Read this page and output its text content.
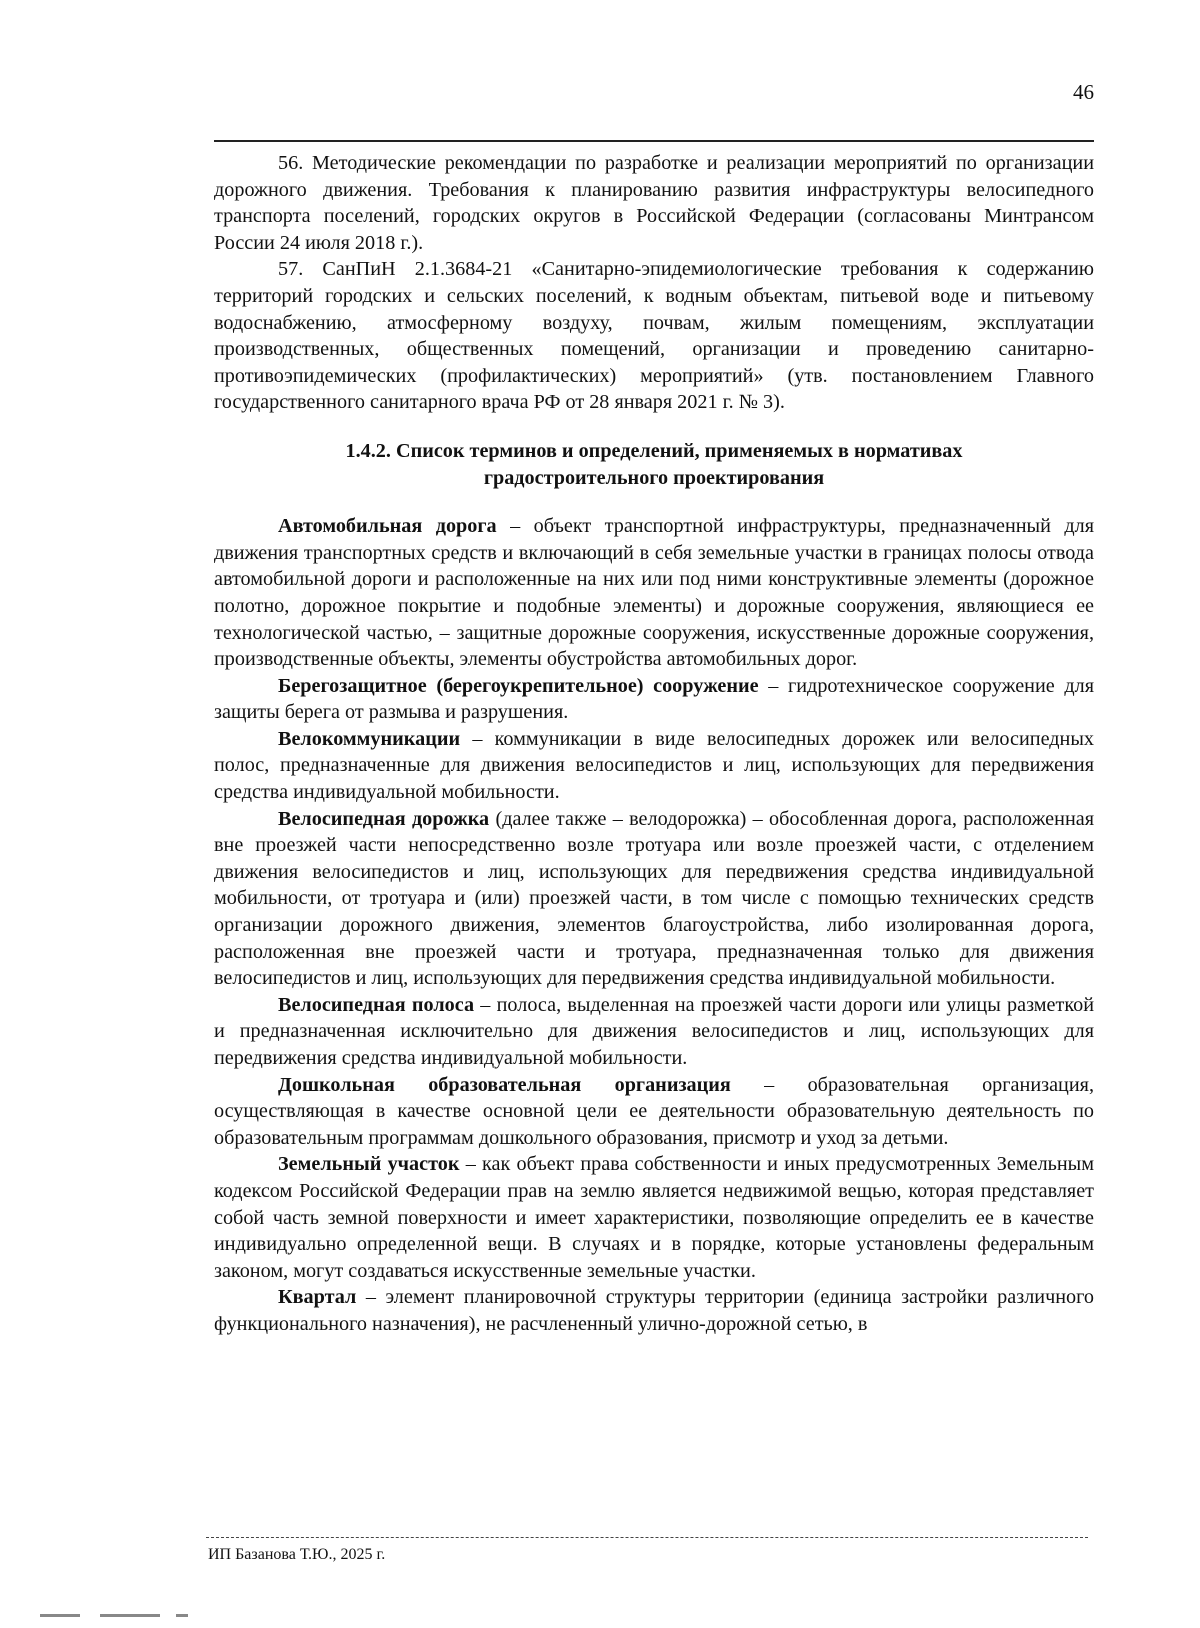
46

56. Методические рекомендации по разработке и реализации мероприятий по организации дорожного движения. Требования к планированию развития инфраструктуры велосипедного транспорта поселений, городских округов в Российской Федерации (согласованы Минтрансом России 24 июля 2018 г.).

57. СанПиН 2.1.3684-21 «Санитарно-эпидемиологические требования к содержанию территорий городских и сельских поселений, к водным объектам, питьевой воде и питьевому водоснабжению, атмосферному воздуху, почвам, жилым помещениям, эксплуатации производственных, общественных помещений, организации и проведению санитарно-противоэпидемических (профилактических) мероприятий» (утв. постановлением Главного государственного санитарного врача РФ от 28 января 2021 г. № 3).

1.4.2. Список терминов и определений, применяемых в нормативах
градостроительного проектирования

Автомобильная дорога – объект транспортной инфраструктуры, предназначенный для движения транспортных средств и включающий в себя земельные участки в границах полосы отвода автомобильной дороги и расположенные на них или под ними конструктивные элементы (дорожное полотно, дорожное покрытие и подобные элементы) и дорожные сооружения, являющиеся ее технологической частью, – защитные дорожные сооружения, искусственные дорожные сооружения, производственные объекты, элементы обустройства автомобильных дорог.

Берегозащитное (берегоукрепительное) сооружение – гидротехническое сооружение для защиты берега от размыва и разрушения.

Велокоммуникации – коммуникации в виде велосипедных дорожек или велосипедных полос, предназначенные для движения велосипедистов и лиц, использующих для передвижения средства индивидуальной мобильности.

Велосипедная дорожка (далее также – велодорожка) – обособленная дорога, расположенная вне проезжей части непосредственно возле тротуара или возле проезжей части, с отделением движения велосипедистов и лиц, использующих для передвижения средства индивидуальной мобильности, от тротуара и (или) проезжей части, в том числе с помощью технических средств организации дорожного движения, элементов благоустройства, либо изолированная дорога, расположенная вне проезжей части и тротуара, предназначенная только для движения велосипедистов и лиц, использующих для передвижения средства индивидуальной мобильности.

Велосипедная полоса – полоса, выделенная на проезжей части дороги или улицы разметкой и предназначенная исключительно для движения велосипедистов и лиц, использующих для передвижения средства индивидуальной мобильности.

Дошкольная образовательная организация – образовательная организация, осуществляющая в качестве основной цели ее деятельности образовательную деятельность по образовательным программам дошкольного образования, присмотр и уход за детьми.

Земельный участок – как объект права собственности и иных предусмотренных Земельным кодексом Российской Федерации прав на землю является недвижимой вещью, которая представляет собой часть земной поверхности и имеет характеристики, позволяющие определить ее в качестве индивидуально определенной вещи. В случаях и в порядке, которые установлены федеральным законом, могут создаваться искусственные земельные участки.

Квартал – элемент планировочной структуры территории (единица застройки различного функционального назначения), не расчлененный улично-дорожной сетью, в

ИП Базанова Т.Ю., 2025 г.
